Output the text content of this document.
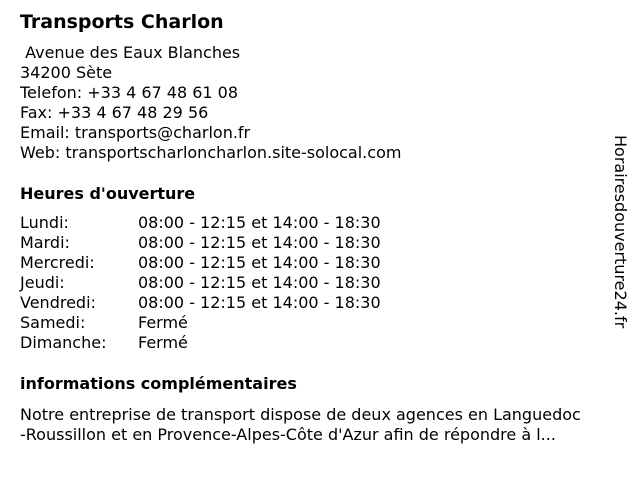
Transports Charlon
Avenue des Eaux Blanches
34200 Sète
Telefon: +33 4 67 48 61 08
Fax: +33 4 67 48 29 56
Email: transports@charlon.fr
Web: transportscharloncharlon.site-solocal.com
Heures d'ouverture
Lundi:	08:00 - 12:15 et 14:00 - 18:30
Mardi:	08:00 - 12:15 et 14:00 - 18:30
Mercredi:	08:00 - 12:15 et 14:00 - 18:30
Jeudi:	08:00 - 12:15 et 14:00 - 18:30
Vendredi:	08:00 - 12:15 et 14:00 - 18:30
Samedi:	Fermé
Dimanche:	Fermé
informations complémentaires
Notre entreprise de transport dispose de deux agences en Languedoc
-Roussillon et en Provence-Alpes-Côte d'Azur afin de répondre à l...
Horairesdouverture24.fr
